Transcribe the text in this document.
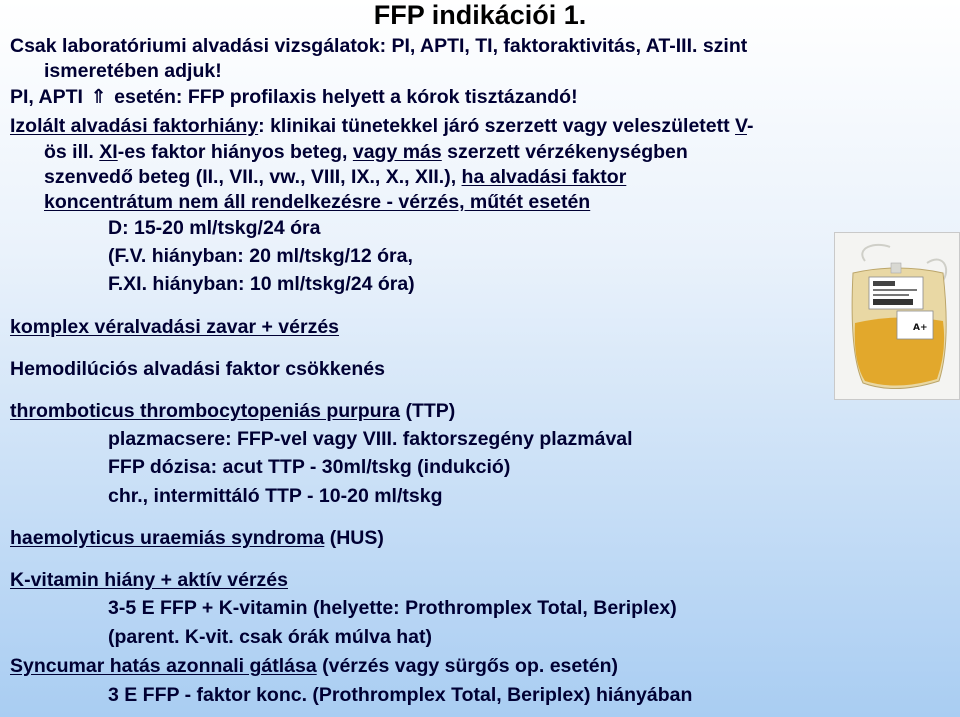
FFP indikációi 1.
Csak laboratóriumi alvadási vizsgálatok: PI, APTI, TI, faktoraktivitás, AT-III. szint
ismeretében adjuk!
PI, APTI ⇑ esetén: FFP profilaxis helyett a kórok tisztázandó!
Izolált alvadási faktorhiány: klinikai tünetekkel járó szerzett vagy veleszületett V-
ös ill. XI-es faktor hiányos beteg, vagy más szerzett vérzékenységben
szenvedő beteg (II., VII., vw., VIII, IX., X., XII.), ha alvadási faktor
koncentrátum nem áll rendelkezésre - vérzés, műtét esetén
D: 15-20 ml/tskg/24 óra
(F.V. hiányban: 20 ml/tskg/12 óra,
F.XI. hiányban: 10 ml/tskg/24 óra)
komplex véralvadási zavar + vérzés
Hemodilúciós alvadási faktor csökkenés
thromboticus thrombocytopeniás purpura (TTP)
plazmacsere: FFP-vel vagy VIII. faktorszegény plazmával
FFP dózisa: acut TTP - 30ml/tskg (indukció)
chr., intermittáló TTP - 10-20 ml/tskg
haemolyticus uraemiás syndroma (HUS)
K-vitamin hiány + aktív vérzés
3-5 E FFP + K-vitamin (helyette: Prothromplex Total, Beriplex)
(parent. K-vit. csak órák múlva hat)
Syncumar hatás azonnali gátlása (vérzés vagy sürgős op. esetén)
3 E FFP - faktor konc. (Prothromplex Total, Beriplex) hiányában
A+
